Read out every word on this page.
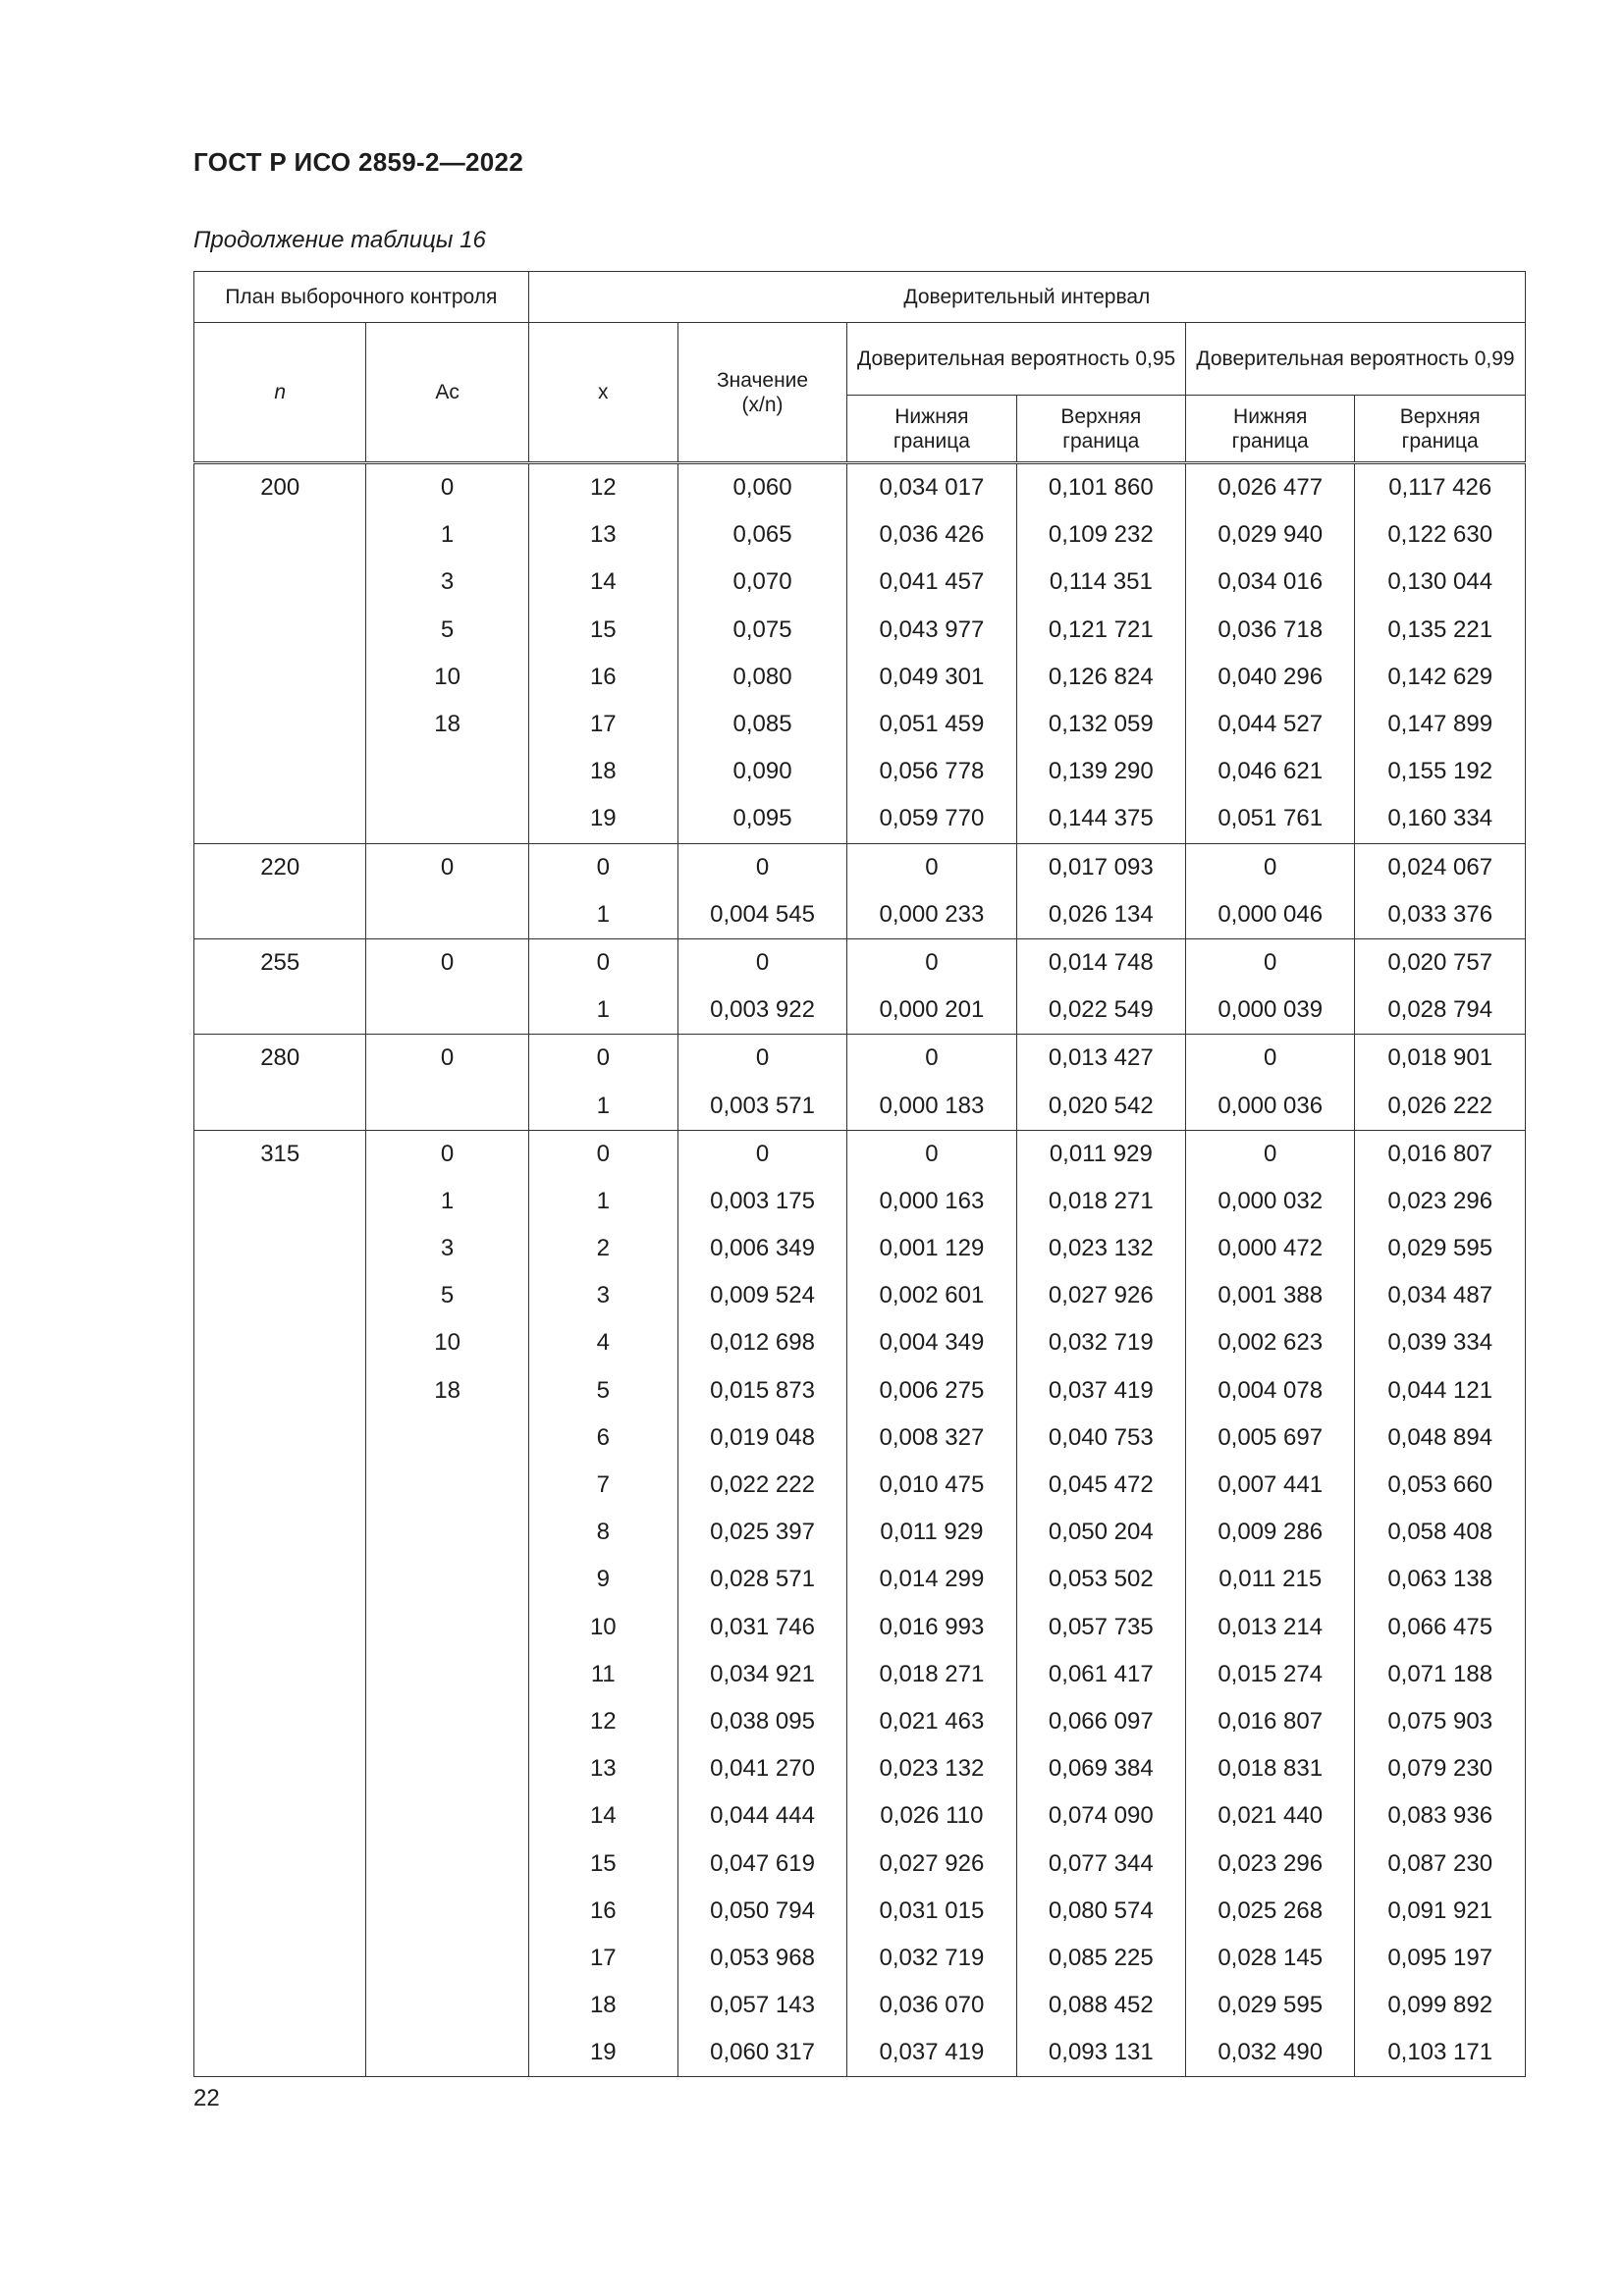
ГОСТ Р ИСО 2859-2—2022
Продолжение таблицы 16
План выборочного контроля		Доверительный интервал					
n	Ac	x	Значение (x/n)	Доверительная вероятность 0,95		Доверительная вероятность 0,99	
				Нижняя граница	Верхняя граница	Нижняя граница	Верхняя граница
200	0	12	0,060	0,034 017	0,101 860	0,026 477	0,117 426
	1	13	0,065	0,036 426	0,109 232	0,029 940	0,122 630
	3	14	0,070	0,041 457	0,114 351	0,034 016	0,130 044
	5	15	0,075	0,043 977	0,121 721	0,036 718	0,135 221
	10	16	0,080	0,049 301	0,126 824	0,040 296	0,142 629
	18	17	0,085	0,051 459	0,132 059	0,044 527	0,147 899
		18	0,090	0,056 778	0,139 290	0,046 621	0,155 192
		19	0,095	0,059 770	0,144 375	0,051 761	0,160 334
220	0	0	0	0	0,017 093	0	0,024 067
		1	0,004 545	0,000 233	0,026 134	0,000 046	0,033 376
255	0	0	0	0	0,014 748	0	0,020 757
		1	0,003 922	0,000 201	0,022 549	0,000 039	0,028 794
280	0	0	0	0	0,013 427	0	0,018 901
		1	0,003 571	0,000 183	0,020 542	0,000 036	0,026 222
315	0	0	0	0	0,011 929	0	0,016 807
	1	1	0,003 175	0,000 163	0,018 271	0,000 032	0,023 296
	3	2	0,006 349	0,001 129	0,023 132	0,000 472	0,029 595
	5	3	0,009 524	0,002 601	0,027 926	0,001 388	0,034 487
	10	4	0,012 698	0,004 349	0,032 719	0,002 623	0,039 334
	18	5	0,015 873	0,006 275	0,037 419	0,004 078	0,044 121
		6	0,019 048	0,008 327	0,040 753	0,005 697	0,048 894
		7	0,022 222	0,010 475	0,045 472	0,007 441	0,053 660
		8	0,025 397	0,011 929	0,050 204	0,009 286	0,058 408
		9	0,028 571	0,014 299	0,053 502	0,011 215	0,063 138
		10	0,031 746	0,016 993	0,057 735	0,013 214	0,066 475
		11	0,034 921	0,018 271	0,061 417	0,015 274	0,071 188
		12	0,038 095	0,021 463	0,066 097	0,016 807	0,075 903
		13	0,041 270	0,023 132	0,069 384	0,018 831	0,079 230
		14	0,044 444	0,026 110	0,074 090	0,021 440	0,083 936
		15	0,047 619	0,027 926	0,077 344	0,023 296	0,087 230
		16	0,050 794	0,031 015	0,080 574	0,025 268	0,091 921
		17	0,053 968	0,032 719	0,085 225	0,028 145	0,095 197
		18	0,057 143	0,036 070	0,088 452	0,029 595	0,099 892
		19	0,060 317	0,037 419	0,093 131	0,032 490	0,103 171
22
